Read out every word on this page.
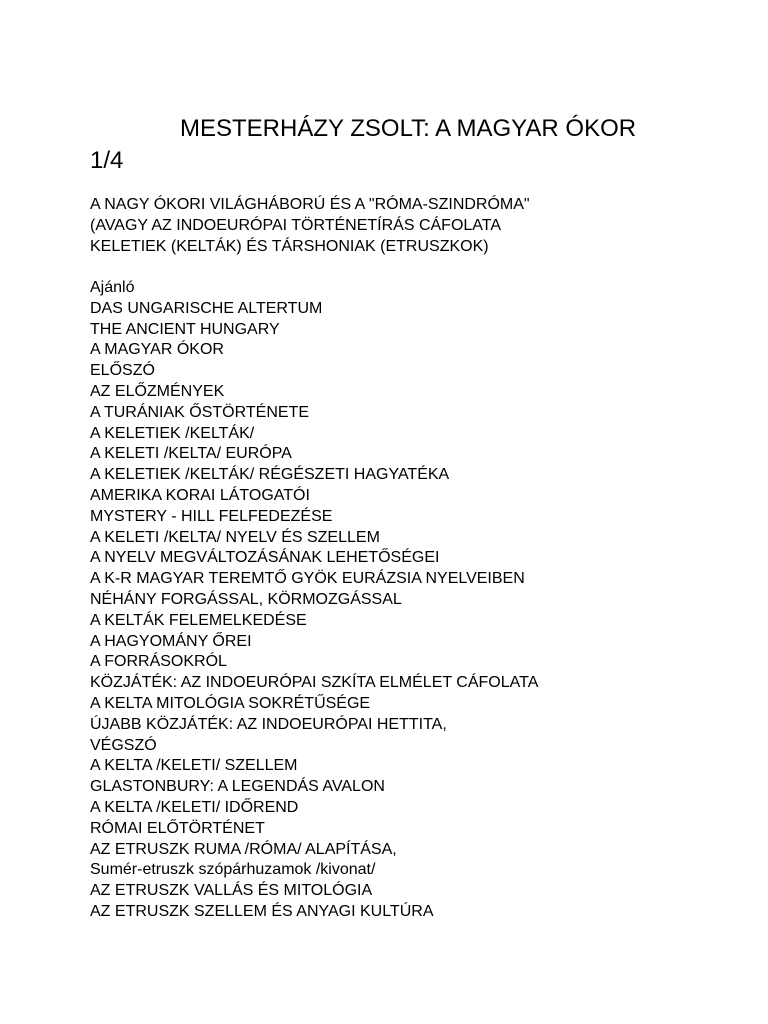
MESTERHÁZY ZSOLT: A MAGYAR ÓKOR
1/4
A NAGY ÓKORI VILÁGHÁBORÚ ÉS A "RÓMA-SZINDRÓMA"
(AVAGY AZ INDOEURÓPAI TÖRTÉNETÍRÁS CÁFOLATA
KELETIEK (KELTÁK) ÉS TÁRSHONIAK (ETRUSZKOK)
Ajánló
DAS UNGARISCHE ALTERTUM
THE ANCIENT HUNGARY
A MAGYAR ÓKOR
ELŐSZÓ
AZ ELŐZMÉNYEK
A TURÁNIAK ŐSTÖRTÉNETE
A KELETIEK /KELTÁK/
A KELETI /KELTA/ EURÓPA
A KELETIEK /KELTÁK/ RÉGÉSZETI HAGYATÉKA
AMERIKA KORAI LÁTOGATÓI
MYSTERY - HILL FELFEDEZÉSE
A KELETI /KELTA/ NYELV ÉS SZELLEM
A NYELV MEGVÁLTOZÁSÁNAK LEHETŐSÉGEI
A K-R MAGYAR TEREMTŐ GYÖK EURÁZSIA NYELVEIBEN
NÉHÁNY FORGÁSSAL, KÖRMOZGÁSSAL
A KELTÁK FELEMELKEDÉSE
A HAGYOMÁNY ŐREI
A FORRÁSOKRÓL
KÖZJÁTÉK: AZ INDOEURÓPAI SZKÍTA ELMÉLET CÁFOLATA
A KELTA MITOLÓGIA SOKRÉTŰSÉGE
ÚJABB KÖZJÁTÉK: AZ INDOEURÓPAI HETTITA,
VÉGSZÓ
A KELTA /KELETI/ SZELLEM
GLASTONBURY: A LEGENDÁS AVALON
A KELTA /KELETI/ IDŐREND
RÓMAI ELŐTÖRTÉNET
AZ ETRUSZK RUMA /RÓMA/ ALAPÍTÁSA,
Sumér-etruszk szópárhuzamok /kivonat/
AZ ETRUSZK VALLÁS ÉS MITOLÓGIA
AZ ETRUSZK SZELLEM ÉS ANYAGI KULTÚRA
